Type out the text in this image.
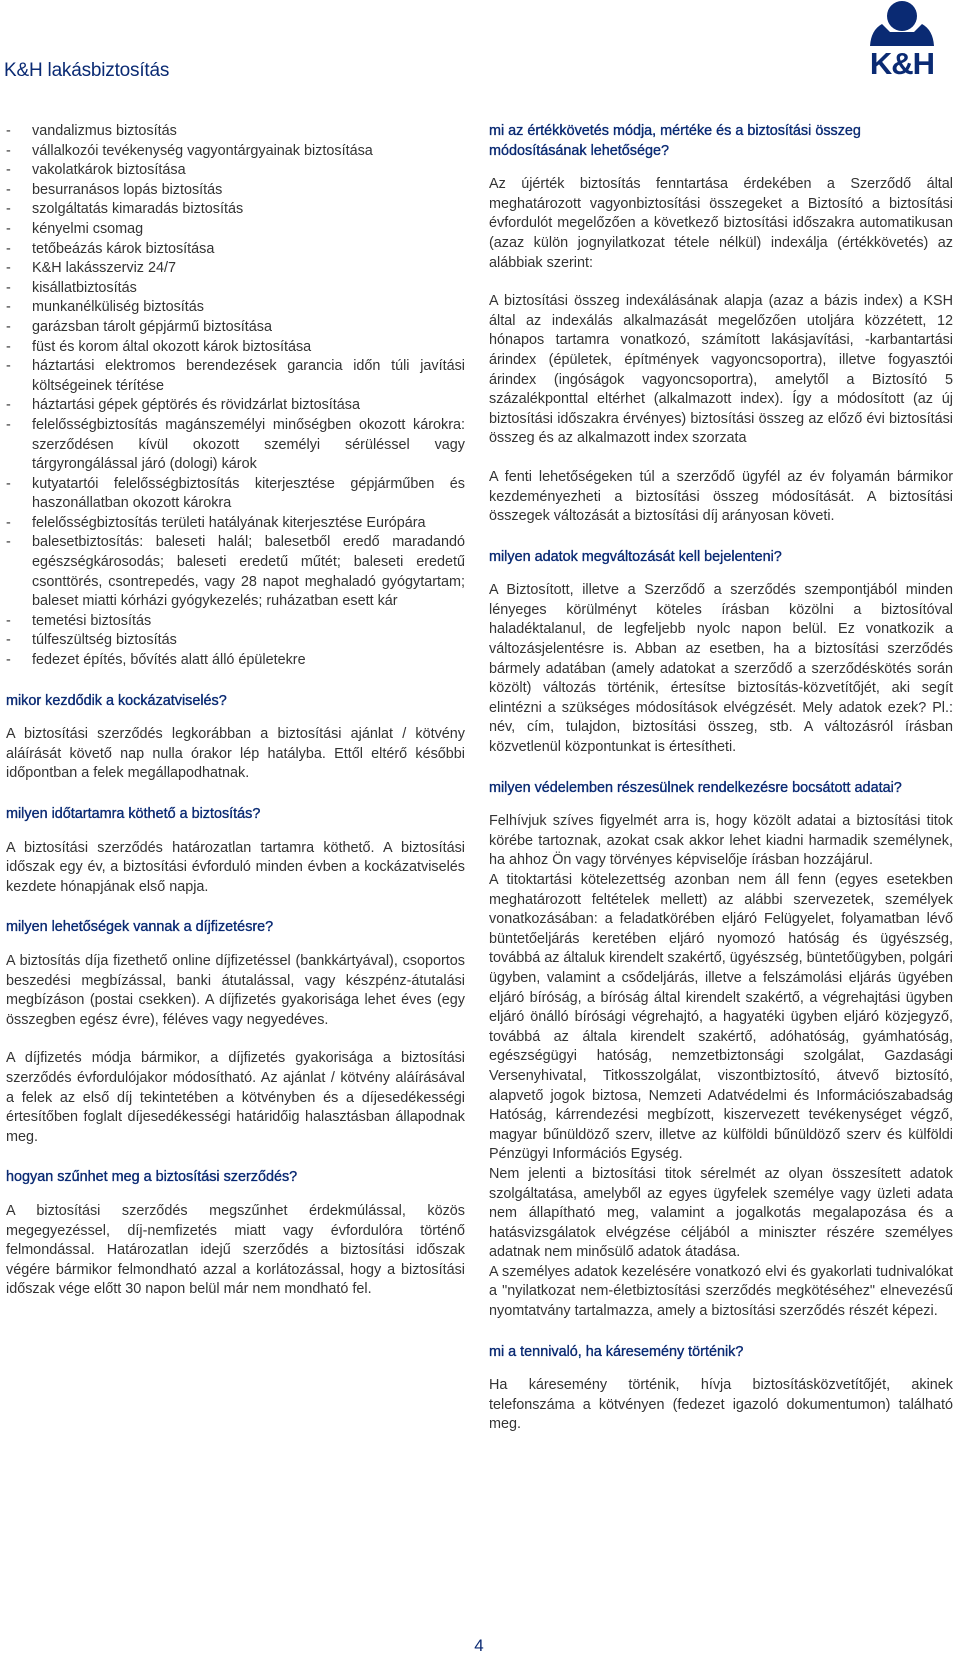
K&H lakásbiztosítás	K&H
- vandalizmus biztosítás
- vállalkozói tevékenység vagyontárgyainak biztosítása
- vakolatkárok biztosítása
- besurranásos lopás biztosítás
- szolgáltatás kimaradás biztosítás
- kényelmi csomag
- tetőbeázás károk biztosítása
- K&H lakásszerviz 24/7
- kisállatbiztosítás
- munkanélküliség biztosítás
- garázsban tárolt gépjármű biztosítása
- füst és korom által okozott károk biztosítása
- háztartási elektromos berendezések garancia időn túli javítási költségeinek térítése
- háztartási gépek géptörés és rövidzárlat biztosítása
- felelősségbiztosítás magánszemélyi minőségben okozott károkra: szerződésen kívül okozott személyi sérüléssel vagy tárgyrongálással járó (dologi) károk
- kutyatartói felelősségbiztosítás kiterjesztése gépjárműben és haszonállatban okozott károkra
- felelősségbiztosítás területi hatályának kiterjesztése Európára
- balesetbiztosítás: baleseti halál; balesetből eredő maradandó egészségkárosodás; baleseti eredetű műtét; baleseti eredetű csonttörés, csontrepedés, vagy 28 napot meghaladó gyógytartam; baleset miatti kórházi gyógykezelés; ruházatban esett kár
- temetési biztosítás
- túlfeszültség biztosítás
- fedezet építés, bővítés alatt álló épületekre
mikor kezdődik a kockázatviselés?

A biztosítási szerződés legkorábban a biztosítási ajánlat / kötvény aláírását követő nap nulla órakor lép hatályba. Ettől eltérő későbbi időpontban a felek megállapodhatnak.

milyen időtartamra köthető a biztosítás?

A biztosítási szerződés határozatlan tartamra köthető. A biztosítási időszak egy év, a biztosítási évforduló minden évben a kockázatviselés kezdete hónapjának első napja.

milyen lehetőségek vannak a díjfizetésre?

A biztosítás díja fizethető online díjfizetéssel (bankkártyával), csoportos beszedési megbízással, banki átutalással, vagy készpénz-átutalási megbízáson (postai csekken). A díjfizetés gyakorisága lehet éves (egy összegben egész évre), féléves vagy negyedéves.

A díjfizetés módja bármikor, a díjfizetés gyakorisága a biztosítási szerződés évfordulójakor módosítható. Az ajánlat / kötvény aláírásával a felek az első díj tekintetében a kötvényben és a díjesedékességi értesítőben foglalt díjesedékességi határidőig halasztásban állapodnak meg.

hogyan szűnhet meg a biztosítási szerződés?

A biztosítási szerződés megszűnhet érdekmúlással, közös megegyezéssel, díj-nemfizetés miatt vagy évfordulóra történő felmondással. Határozatlan idejű szerződés a biztosítási időszak végére bármikor felmondható azzal a korlátozással, hogy a biztosítási időszak vége előtt 30 napon belül már nem mondható fel.

mi az értékkövetés módja, mértéke és a biztosítási összeg módosításának lehetősége?

Az újérték biztosítás fenntartása érdekében a Szerződő által meghatározott vagyonbiztosítási összegeket a Biztosító a biztosítási évfordulót megelőzően a következő biztosítási időszakra automatikusan (azaz külön jognyilatkozat tétele nélkül) indexálja (értékkövetés) az alábbiak szerint:

A biztosítási összeg indexálásának alapja (azaz a bázis index) a KSH által az indexálás alkalmazását megelőzően utoljára közzétett, 12 hónapos tartamra vonatkozó, számított lakásjavítási, -karbantartási árindex (épületek, építmények vagyoncsoportra), illetve fogyasztói árindex (ingóságok vagyoncsoportra), amelytől a Biztosító 5 százalékponttal eltérhet (alkalmazott index). Így a módosított (az új biztosítási időszakra érvényes) biztosítási összeg az előző évi biztosítási összeg és az alkalmazott index szorzata

A fenti lehetőségeken túl a szerződő ügyfél az év folyamán bármikor kezdeményezheti a biztosítási összeg módosítását. A biztosítási összegek változását a biztosítási díj arányosan követi.

milyen adatok megváltozását kell bejelenteni?

A Biztosított, illetve a Szerződő a szerződés szempontjából minden lényeges körülményt köteles írásban közölni a biztosítóval haladéktalanul, de legfeljebb nyolc napon belül. Ez vonatkozik a változásjelentésre is. Abban az esetben, ha a biztosítási szerződés bármely adatában (amely adatokat a szerződő a szerződéskötés során közölt) változás történik, értesítse biztosítás-közvetítőjét, aki segít elintézni a szükséges módosítások elvégzését. Mely adatok ezek? Pl.: név, cím, tulajdon, biztosítási összeg, stb. A változásról írásban közvetlenül központunkat is értesítheti.

milyen védelemben részesülnek rendelkezésre bocsátott adatai?

Felhívjuk szíves figyelmét arra is, hogy közölt adatai a biztosítási titok körébe tartoznak, azokat csak akkor lehet kiadni harmadik személynek, ha ahhoz Ön vagy törvényes képviselője írásban hozzájárul.

A titoktartási kötelezettség azonban nem áll fenn (egyes esetekben meghatározott feltételek mellett) az alábbi szervezetek, személyek vonatkozásában: a feladatkörében eljáró Felügyelet, folyamatban lévő büntetőeljárás keretében eljáró nyomozó hatóság és ügyészség, továbbá az általuk kirendelt szakértő, ügyészség, büntetőügyben, polgári ügyben, valamint a csődeljárás, illetve a felszámolási eljárás ügyében eljáró bíróság, a bíróság által kirendelt szakértő, a végrehajtási ügyben eljáró önálló bírósági végrehajtó, a hagyatéki ügyben eljáró közjegyző, továbbá az általa kirendelt szakértő, adóhatóság, gyámhatóság, egészségügyi hatóság, nemzetbiztonsági szolgálat, Gazdasági Versenyhivatal, Titkosszolgálat, viszontbiztosító, átvevő biztosító, alapvető jogok biztosa, Nemzeti Adatvédelmi és Információszabadság Hatóság, kárrendezési megbízott, kiszervezett tevékenységet végző, magyar bűnüldöző szerv, illetve az külföldi bűnüldöző szerv és külföldi Pénzügyi Információs Egység.

Nem jelenti a biztosítási titok sérelmét az olyan összesített adatok szolgáltatása, amelyből az egyes ügyfelek személye vagy üzleti adata nem állapítható meg, valamint a jogalkotás megalapozása és a hatásvizsgálatok elvégzése céljából a miniszter részére személyes adatnak nem minősülő adatok átadása.

A személyes adatok kezelésére vonatkozó elvi és gyakorlati tudnivalókat a "nyilatkozat nem-életbiztosítási szerződés megkötéséhez" elnevezésű nyomtatvány tartalmazza, amely a biztosítási szerződés részét képezi.

mi a tennivaló, ha káresemény történik?

Ha káresemény történik, hívja biztosításközvetítőjét, akinek telefonszáma a kötvényen (fedezet igazoló dokumentumon) található meg.

4
